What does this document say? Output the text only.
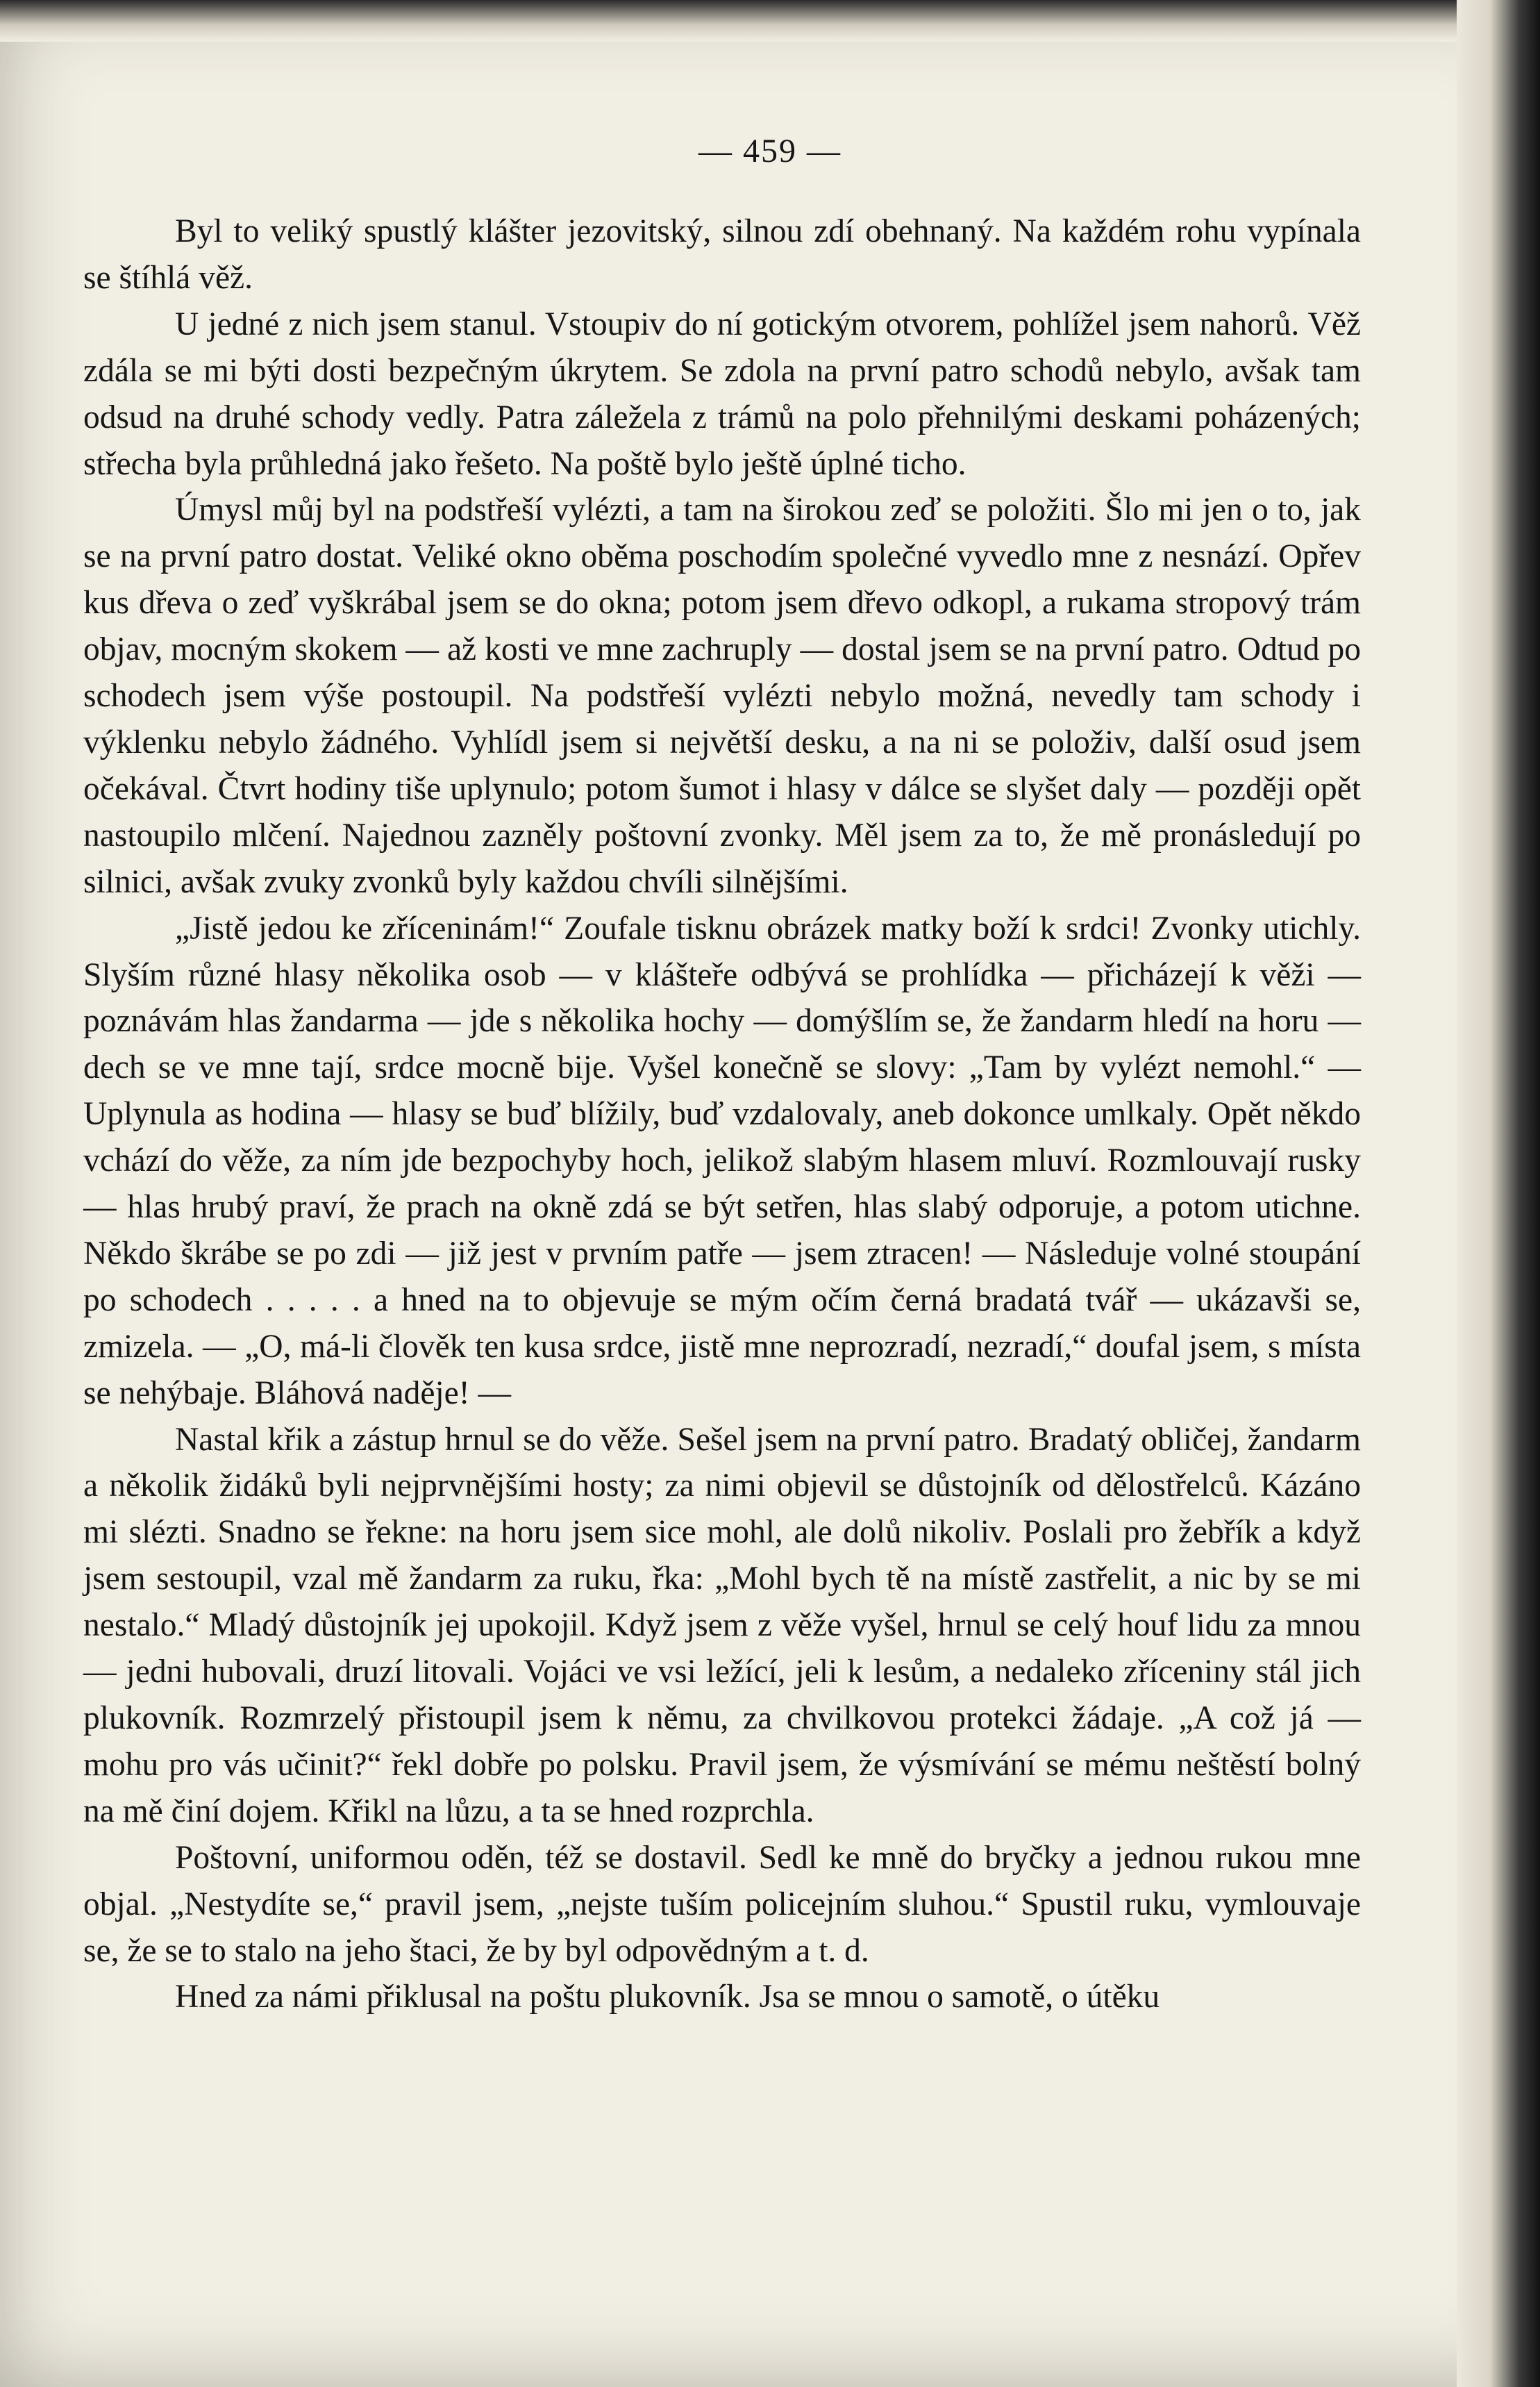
— 459 —

Byl to veliký spustlý klášter jezovitský, silnou zdí obehnaný. Na každém rohu vypínala se štíhlá věž.

U jedné z nich jsem stanul. Vstoupiv do ní gotickým otvorem, pohlížel jsem nahorů. Věž zdála se mi býti dosti bezpečným úkrytem. Se zdola na první patro schodů nebylo, avšak tam odsud na druhé schody vedly. Patra záležela z trámů na polo přehnilými deskami poházených; střecha byla průhledná jako řešeto. Na poště bylo ještě úplné ticho.

Úmysl můj byl na podstřeší vylézti, a tam na širokou zeď se položiti. Šlo mi jen o to, jak se na první patro dostat. Veliké okno oběma poschodím společné vyvedlo mne z nesnází. Opřev kus dřeva o zeď vyškrábal jsem se do okna; potom jsem dřevo odkopl, a rukama stropový trám objav, mocným skokem — až kosti ve mne zachruply — dostal jsem se na první patro. Odtud po schodech jsem výše postoupil. Na podstřeší vylézti nebylo možná, nevedly tam schody i výklenku nebylo žádného. Vyhlídl jsem si největší desku, a na ni se položiv, další osud jsem očekával. Čtvrt hodiny tiše uplynulo; potom šumot i hlasy v dálce se slyšet daly — později opět nastoupilo mlčení. Najednou zazněly poštovní zvonky. Měl jsem za to, že mě pronásledují po silnici, avšak zvuky zvonků byly každou chvíli silnějšími.

„Jistě jedou ke zříceninám!“ Zoufale tisknu obrázek matky boží k srdci! Zvonky utichly. Slyším různé hlasy několika osob — v klášteře odbývá se prohlídka — přicházejí k věži — poznávám hlas žandarma — jde s několika hochy — domýšlím se, že žandarm hledí na horu — dech se ve mne tají, srdce mocně bije. Vyšel konečně se slovy: „Tam by vylézt nemohl.“ — Uplynula as hodina — hlasy se buď blížily, buď vzdalovaly, aneb dokonce umlkaly. Opět někdo vchází do věže, za ním jde bezpochyby hoch, jelikož slabým hlasem mluví. Rozmlouvají rusky — hlas hrubý praví, že prach na okně zdá se být setřen, hlas slabý odporuje, a potom utichne. Někdo škrábe se po zdi — již jest v prvním patře — jsem ztracen! — Následuje volné stoupání po schodech . . . . . a hned na to objevuje se mým očím černá bradatá tvář — ukázavši se, zmizela. — „O, má-li člověk ten kusa srdce, jistě mne neprozradí, nezradí,“ doufal jsem, s místa se nehýbaje. Bláhová naděje! —

Nastal křik a zástup hrnul se do věže. Sešel jsem na první patro. Bradatý obličej, žandarm a několik židáků byli nejprvnějšími hosty; za nimi objevil se důstojník od dělostřelců. Kázáno mi slézti. Snadno se řekne: na horu jsem sice mohl, ale dolů nikoliv. Poslali pro žebřík a když jsem sestoupil, vzal mě žandarm za ruku, řka: „Mohl bych tě na místě zastřelit, a nic by se mi nestalo.“ Mladý důstojník jej upokojil. Když jsem z věže vyšel, hrnul se celý houf lidu za mnou — jedni hubovali, druzí litovali. Vojáci ve vsi ležící, jeli k lesům, a nedaleko zříceniny stál jich plukovník. Rozmrzelý přistoupil jsem k němu, za chvilkovou protekci žádaje. „A což já — mohu pro vás učinit?“ řekl dobře po polsku. Pravil jsem, že výsmívání se mému neštěstí bolný na mě činí dojem. Křikl na lůzu, a ta se hned rozprchla.

Poštovní, uniformou oděn, též se dostavil. Sedl ke mně do bryčky a jednou rukou mne objal. „Nestydíte se,“ pravil jsem, „nejste tuším policejním sluhou.“ Spustil ruku, vymlouvaje se, že se to stalo na jeho štaci, že by byl odpovědným a t. d.

Hned za námi přiklusal na poštu plukovník. Jsa se mnou o samotě, o útěku
